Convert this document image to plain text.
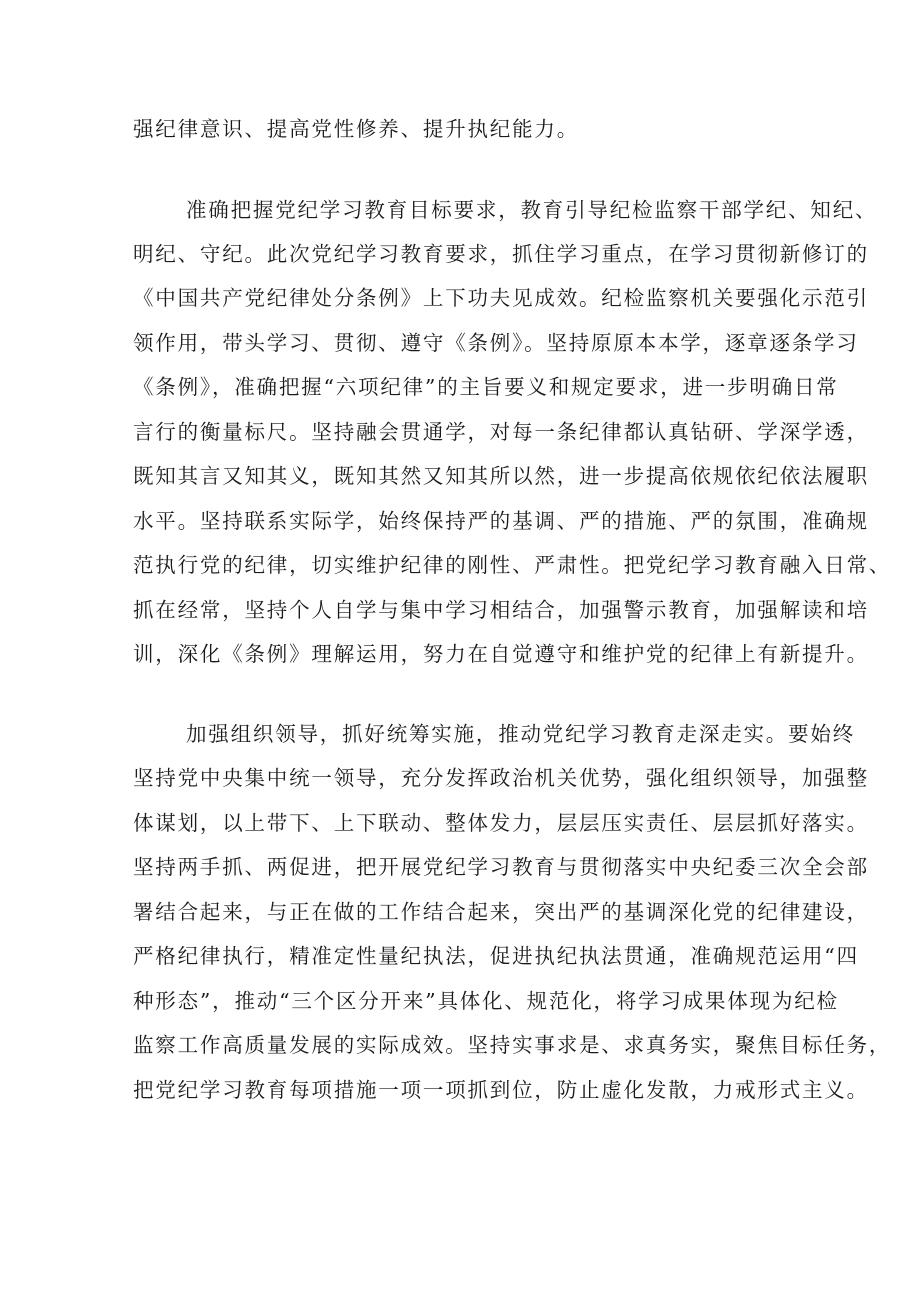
强纪律意识、提高党性修养、提升执纪能力。
准确把握党纪学习教育目标要求，教育引导纪检监察干部学纪、知纪、
明纪、守纪。此次党纪学习教育要求，抓住学习重点，在学习贯彻新修订的
《中国共产党纪律处分条例》上下功夫见成效。纪检监察机关要强化示范引
领作用，带头学习、贯彻、遵守《条例》。坚持原原本本学，逐章逐条学习
《条例》，准确把握“六项纪律”的主旨要义和规定要求，进一步明确日常
言行的衡量标尺。坚持融会贯通学，对每一条纪律都认真钻研、学深学透，
既知其言又知其义，既知其然又知其所以然，进一步提高依规依纪依法履职
水平。坚持联系实际学，始终保持严的基调、严的措施、严的氛围，准确规
范执行党的纪律，切实维护纪律的刚性、严肃性。把党纪学习教育融入日常、
抓在经常，坚持个人自学与集中学习相结合，加强警示教育，加强解读和培
训，深化《条例》理解运用，努力在自觉遵守和维护党的纪律上有新提升。
加强组织领导，抓好统筹实施，推动党纪学习教育走深走实。要始终
坚持党中央集中统一领导，充分发挥政治机关优势，强化组织领导，加强整
体谋划，以上带下、上下联动、整体发力，层层压实责任、层层抓好落实。
坚持两手抓、两促进，把开展党纪学习教育与贯彻落实中央纪委三次全会部
署结合起来，与正在做的工作结合起来，突出严的基调深化党的纪律建设，
严格纪律执行，精准定性量纪执法，促进执纪执法贯通，准确规范运用“四
种形态”，推动“三个区分开来”具体化、规范化，将学习成果体现为纪检
监察工作高质量发展的实际成效。坚持实事求是、求真务实，聚焦目标任务，
把党纪学习教育每项措施一项一项抓到位，防止虚化发散，力戒形式主义。
